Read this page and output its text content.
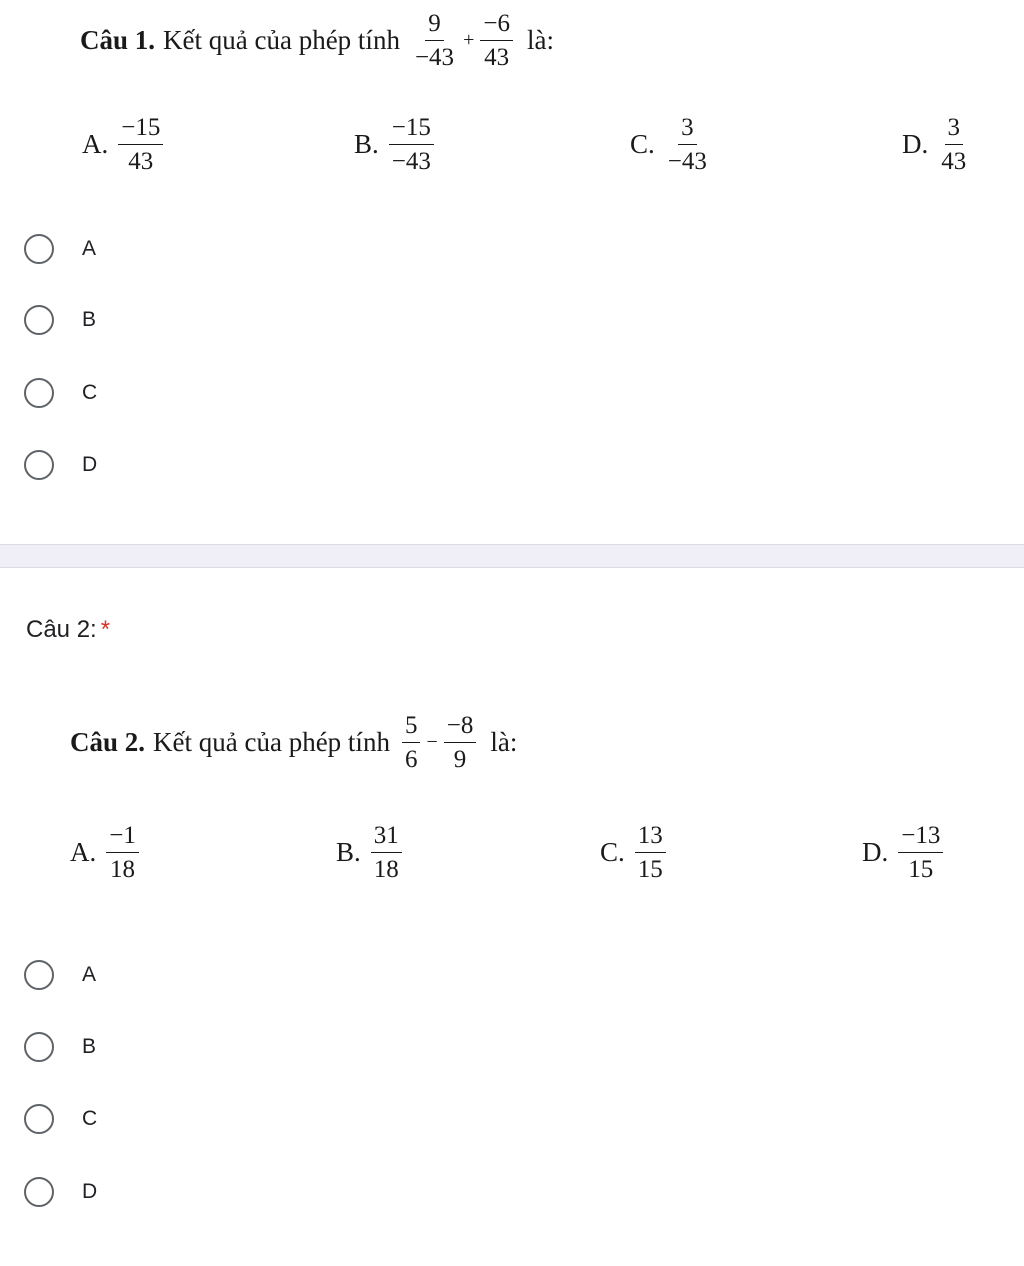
Câu 1. Kết quả của phép tính $\frac{9}{-43} + \frac{-6}{43}$ là:
A. $\frac{-15}{43}$	B. $\frac{-15}{-43}$	C. $\frac{3}{-43}$	D. $\frac{3}{43}$
A
B
C
D
Câu 2: *
Câu 2. Kết quả của phép tính $\frac{5}{6} - \frac{-8}{9}$ là:
A. $\frac{-1}{18}$	B. $\frac{31}{18}$	C. $\frac{13}{15}$	D. $\frac{-13}{15}$
A
B
C
D
